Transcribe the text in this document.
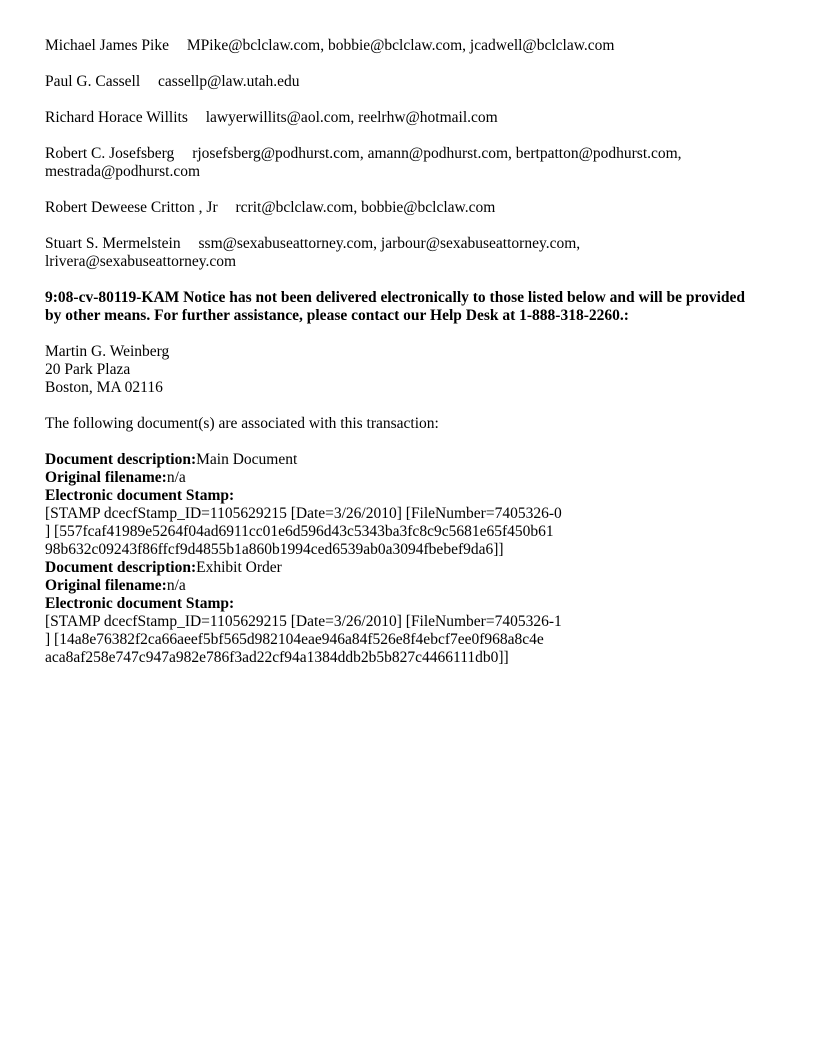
Michael James Pike MPike@bclclaw.com, bobbie@bclclaw.com, jcadwell@bclclaw.com
Paul G. Cassell cassellp@law.utah.edu
Richard Horace Willits lawyerwillits@aol.com, reelrhw@hotmail.com
Robert C. Josefsberg rjosefsberg@podhurst.com, amann@podhurst.com, bertpatton@podhurst.com,
mestrada@podhurst.com
Robert Deweese Critton , Jr rcrit@bclclaw.com, bobbie@bclclaw.com
Stuart S. Mermelstein ssm@sexabuseattorney.com, jarbour@sexabuseattorney.com,
lrivera@sexabuseattorney.com
9:08-cv-80119-KAM Notice has not been delivered electronically to those listed below and will be provided
by other means. For further assistance, please contact our Help Desk at 1-888-318-2260.:
Martin G. Weinberg
20 Park Plaza
Boston, MA 02116
The following document(s) are associated with this transaction:
Document description:Main Document
Original filename:n/a
Electronic document Stamp:
[STAMP dcecfStamp_ID=1105629215 [Date=3/26/2010] [FileNumber=7405326-0
] [557fcaf41989e5264f04ad6911cc01e6d596d43c5343ba3fc8c9c5681e65f450b61
98b632c09243f86ffcf9d4855b1a860b1994ced6539ab0a3094fbebef9da6]]
Document description:Exhibit Order
Original filename:n/a
Electronic document Stamp:
[STAMP dcecfStamp_ID=1105629215 [Date=3/26/2010] [FileNumber=7405326-1
] [14a8e76382f2ca66aeef5bf565d982104eae946a84f526e8f4ebcf7ee0f968a8c4e
aca8af258e747c947a982e786f3ad22cf94a1384ddb2b5b827c4466111db0]]
